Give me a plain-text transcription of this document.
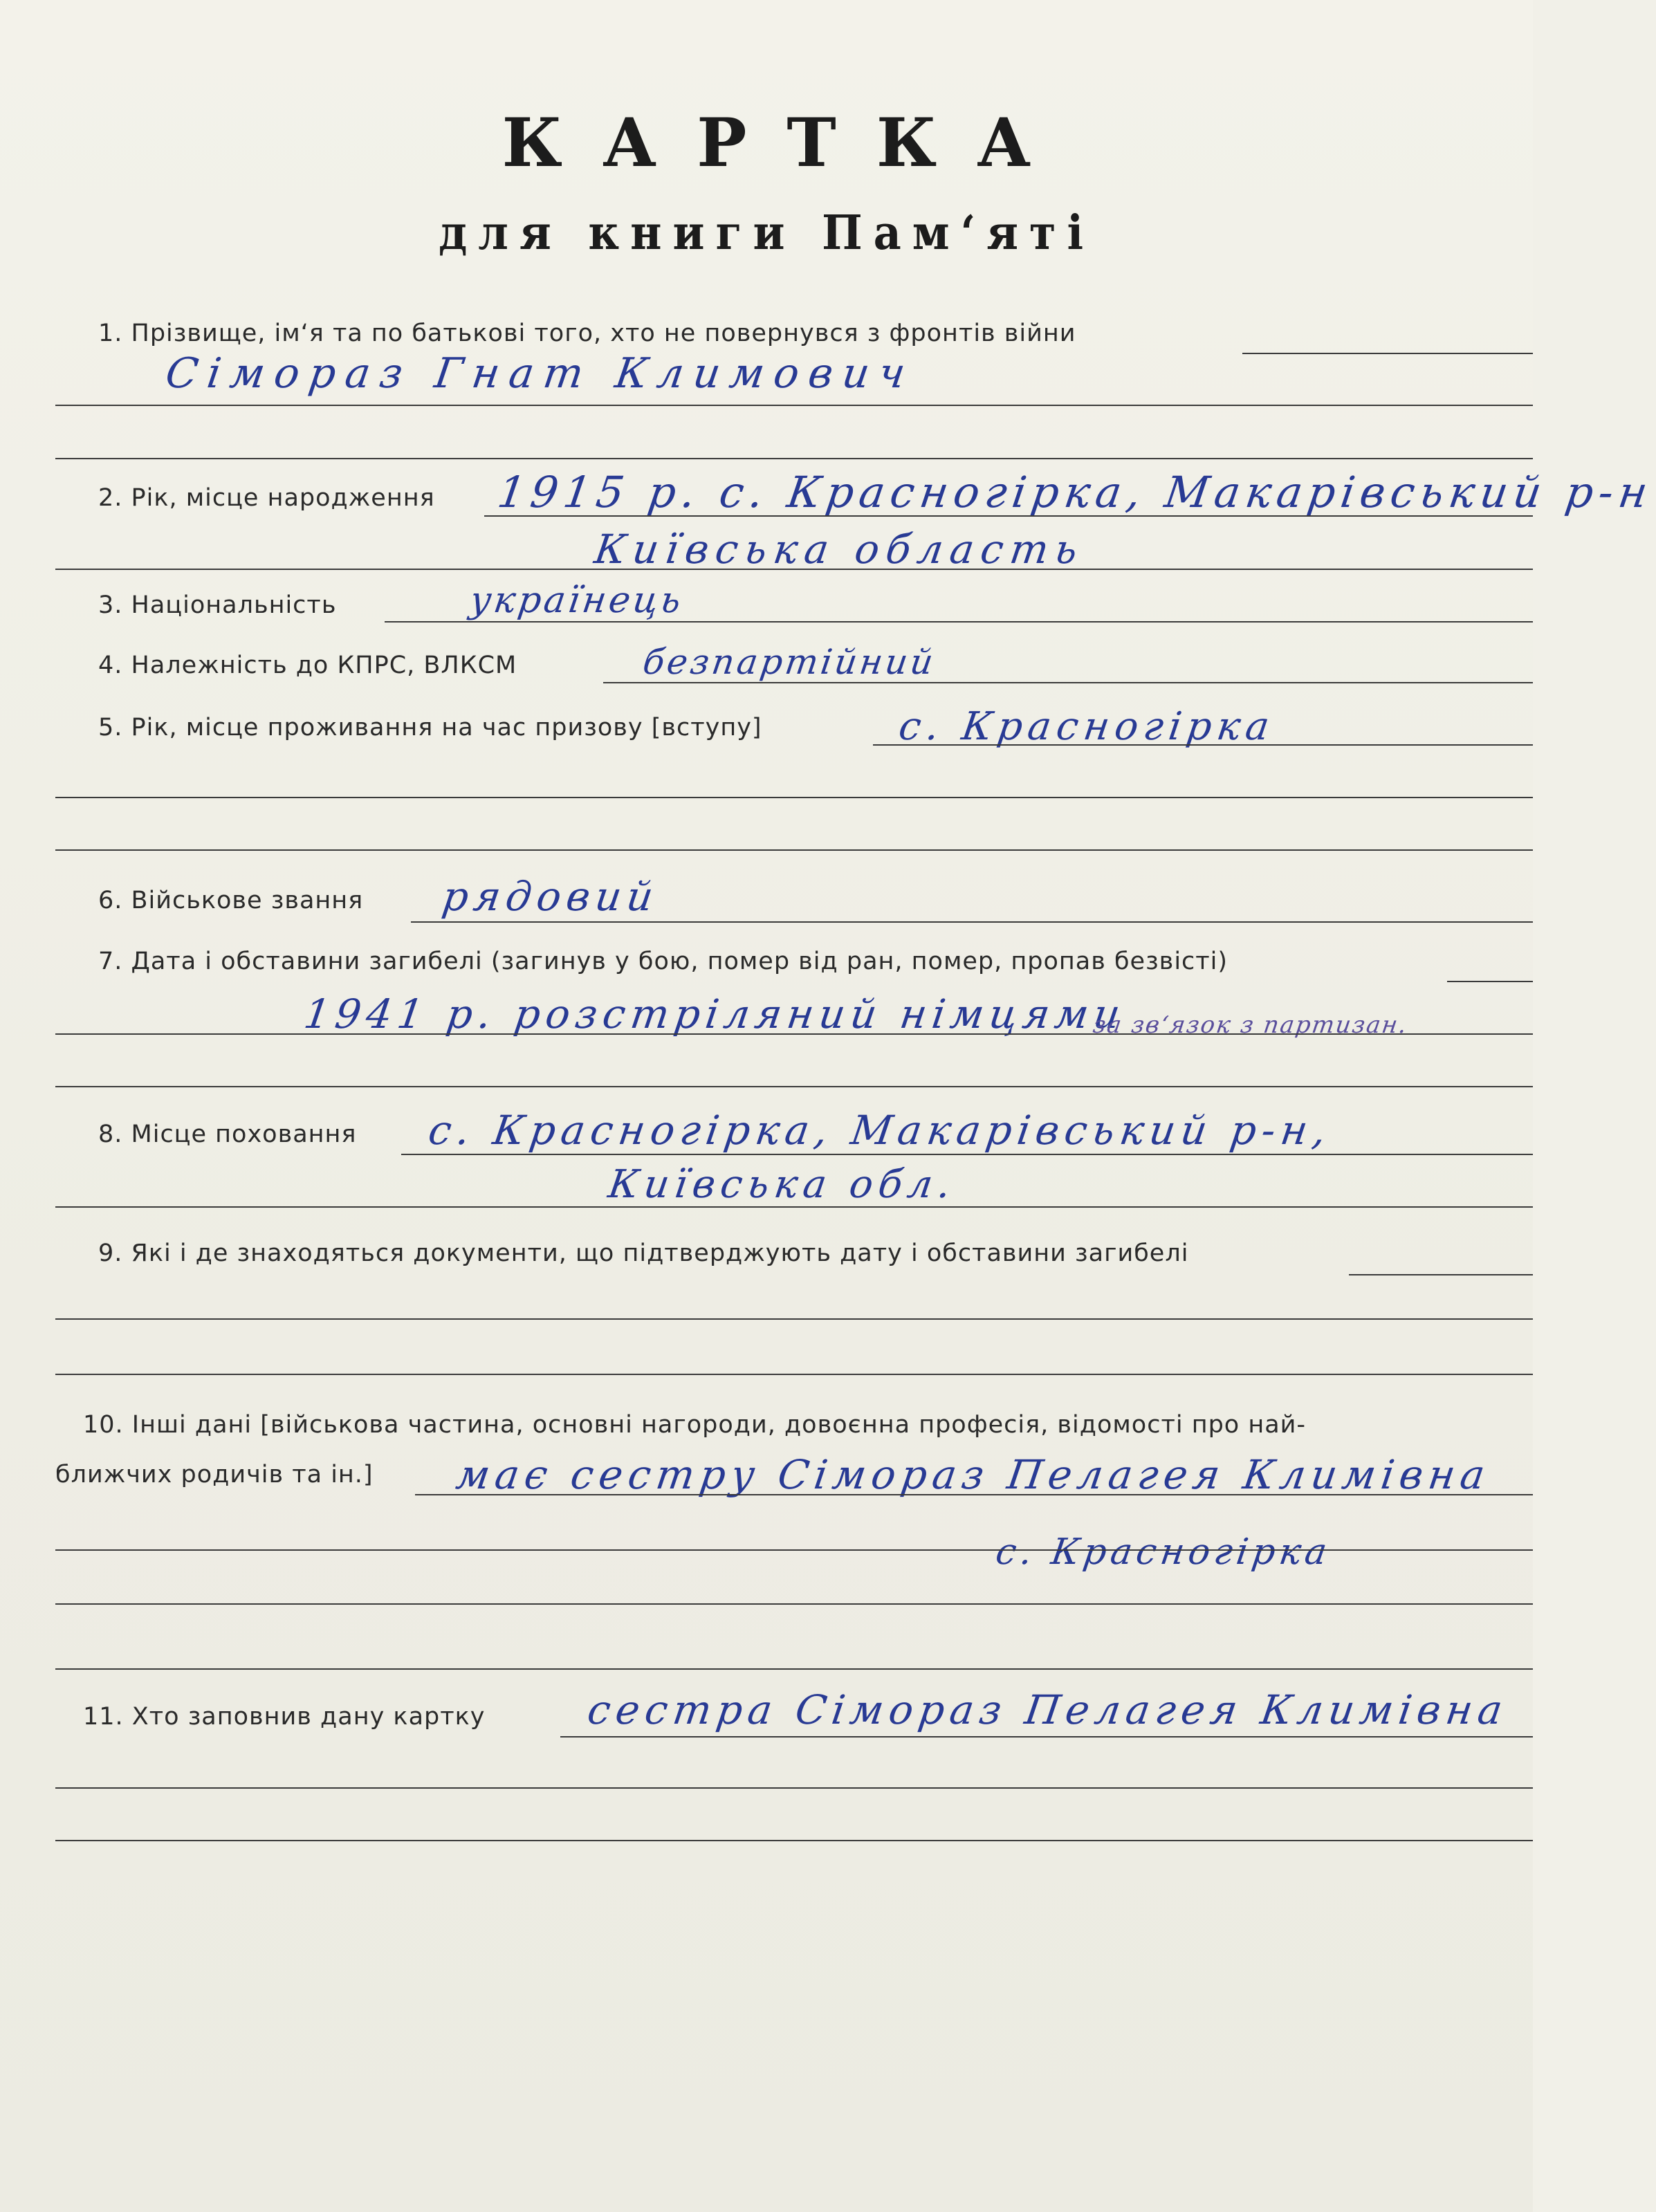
КАРТКА
для книги Пам‘яті
1. Прізвище, ім‘я та по батькові того, хто не повернувся з фронтів війни
Сімораз Гнат Климович
2. Рік, місце народження 1915 р. с. Красногірка, Макарівський р-н
Київська область
3. Національність	українець
4. Належність до КПРС, ВЛКСМ	безпартійний
5. Рік, місце проживання на час призову [вступу]	с. Красногірка
6. Військове звання рядовий
7. Дата і обставини загибелі (загинув у бою, помер від ран, помер, пропав безвісті)
1941 р. розстріляний німцями
за зв‘язок з партизан.
8. Місце поховання с. Красногірка, Макарівський р-н,
Київська обл.
9. Які і де знаходяться документи, що підтверджують дату і обставини загибелі
10. Інші дані [військова частина, основні нагороди, довоєнна професія, відомості про най-
ближчих родичів та ін.] має сестру Сімораз Пелагея Климівна
с. Красногірка
11. Хто заповнив дану картку сестра Сімораз Пелагея Климівна
